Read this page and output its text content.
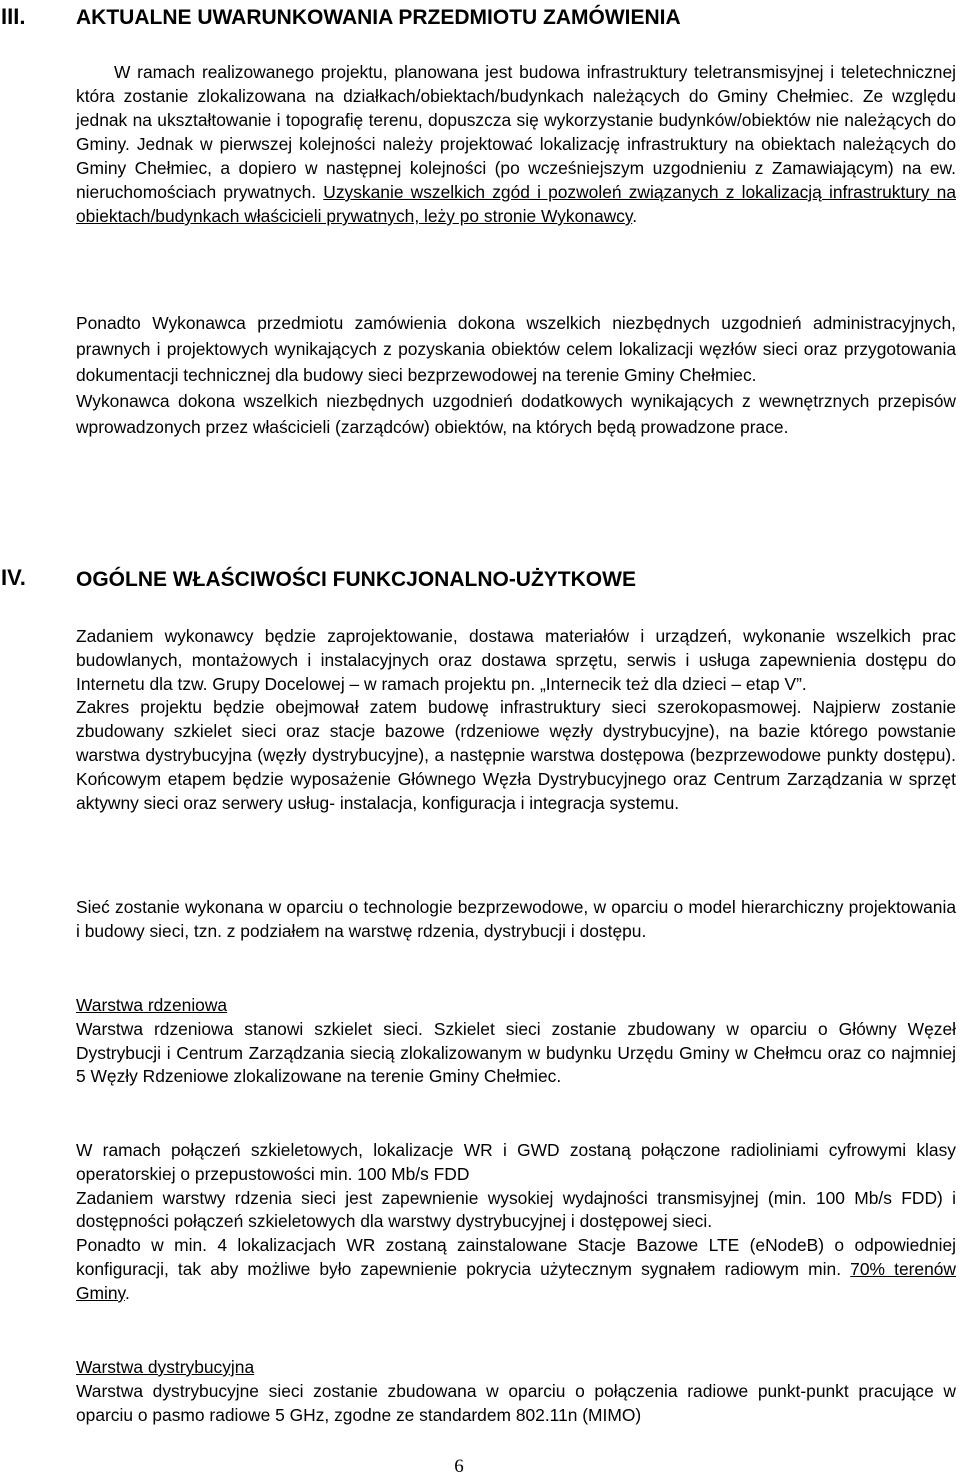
III. AKTUALNE UWARUNKOWANIA PRZEDMIOTU ZAMÓWIENIA

W ramach realizowanego projektu, planowana jest budowa infrastruktury teletransmisyjnej i teletechnicznej która zostanie zlokalizowana na działkach/obiektach/budynkach należących do Gminy Chełmiec. Ze względu jednak na ukształtowanie i topografię terenu, dopuszcza się wykorzystanie budynków/obiektów nie należących do Gminy. Jednak w pierwszej kolejności należy projektować lokalizację infrastruktury na obiektach należących do Gminy Chełmiec, a dopiero w następnej kolejności (po wcześniejszym uzgodnieniu z Zamawiającym) na ew. nieruchomościach prywatnych. Uzyskanie wszelkich zgód i pozwoleń związanych z lokalizacją infrastruktury na obiektach/budynkach właścicieli prywatnych, leży po stronie Wykonawcy.

Ponadto Wykonawca przedmiotu zamówienia dokona wszelkich niezbędnych uzgodnień administracyjnych, prawnych i projektowych wynikających z pozyskania obiektów celem lokalizacji węzłów sieci oraz przygotowania dokumentacji technicznej dla budowy sieci bezprzewodowej na terenie Gminy Chełmiec.

Wykonawca dokona wszelkich niezbędnych uzgodnień dodatkowych wynikających z wewnętrznych przepisów wprowadzonych przez właścicieli (zarządców) obiektów, na których będą prowadzone prace.

IV. OGÓLNE WŁAŚCIWOŚCI FUNKCJONALNO-UŻYTKOWE

Zadaniem wykonawcy będzie zaprojektowanie, dostawa materiałów i urządzeń, wykonanie wszelkich prac budowlanych, montażowych i instalacyjnych oraz dostawa sprzętu, serwis i usługa zapewnienia dostępu do Internetu dla tzw. Grupy Docelowej – w ramach projektu pn. „Internecik też dla dzieci – etap V”.

Zakres projektu będzie obejmował zatem budowę infrastruktury sieci szerokopasmowej. Najpierw zostanie zbudowany szkielet sieci oraz stacje bazowe (rdzeniowe węzły dystrybucyjne), na bazie którego powstanie warstwa dystrybucyjna (węzły dystrybucyjne), a następnie warstwa dostępowa (bezprzewodowe punkty dostępu). Końcowym etapem będzie wyposażenie Głównego Węzła Dystrybucyjnego oraz Centrum Zarządzania w sprzęt aktywny sieci oraz serwery usług- instalacja, konfiguracja i integracja systemu.

Sieć zostanie wykonana w oparciu o technologie bezprzewodowe, w oparciu o model hierarchiczny projektowania i budowy sieci, tzn. z podziałem na warstwę rdzenia, dystrybucji i dostępu.

Warstwa rdzeniowa

Warstwa rdzeniowa stanowi szkielet sieci. Szkielet sieci zostanie zbudowany w oparciu o Główny Węzeł Dystrybucji i Centrum Zarządzania siecią zlokalizowanym w budynku Urzędu Gminy w Chełmcu oraz co najmniej 5 Węzły Rdzeniowe zlokalizowane na terenie Gminy Chełmiec.

W ramach połączeń szkieletowych, lokalizacje WR i GWD zostaną połączone radioliniami cyfrowymi klasy operatorskiej o przepustowości min. 100 Mb/s FDD

Zadaniem warstwy rdzenia sieci jest zapewnienie wysokiej wydajności transmisyjnej (min. 100 Mb/s FDD) i dostępności połączeń szkieletowych dla warstwy dystrybucyjnej i dostępowej sieci.

Ponadto w min. 4 lokalizacjach WR zostaną zainstalowane Stacje Bazowe LTE (eNodeB) o odpowiedniej konfiguracji, tak aby możliwe było zapewnienie pokrycia użytecznym sygnałem radiowym min. 70% terenów Gminy.

Warstwa dystrybucyjna

Warstwa dystrybucyjne sieci zostanie zbudowana w oparciu o połączenia radiowe punkt-punkt pracujące w oparciu o pasmo radiowe 5 GHz, zgodne ze standardem 802.11n (MIMO)

6
